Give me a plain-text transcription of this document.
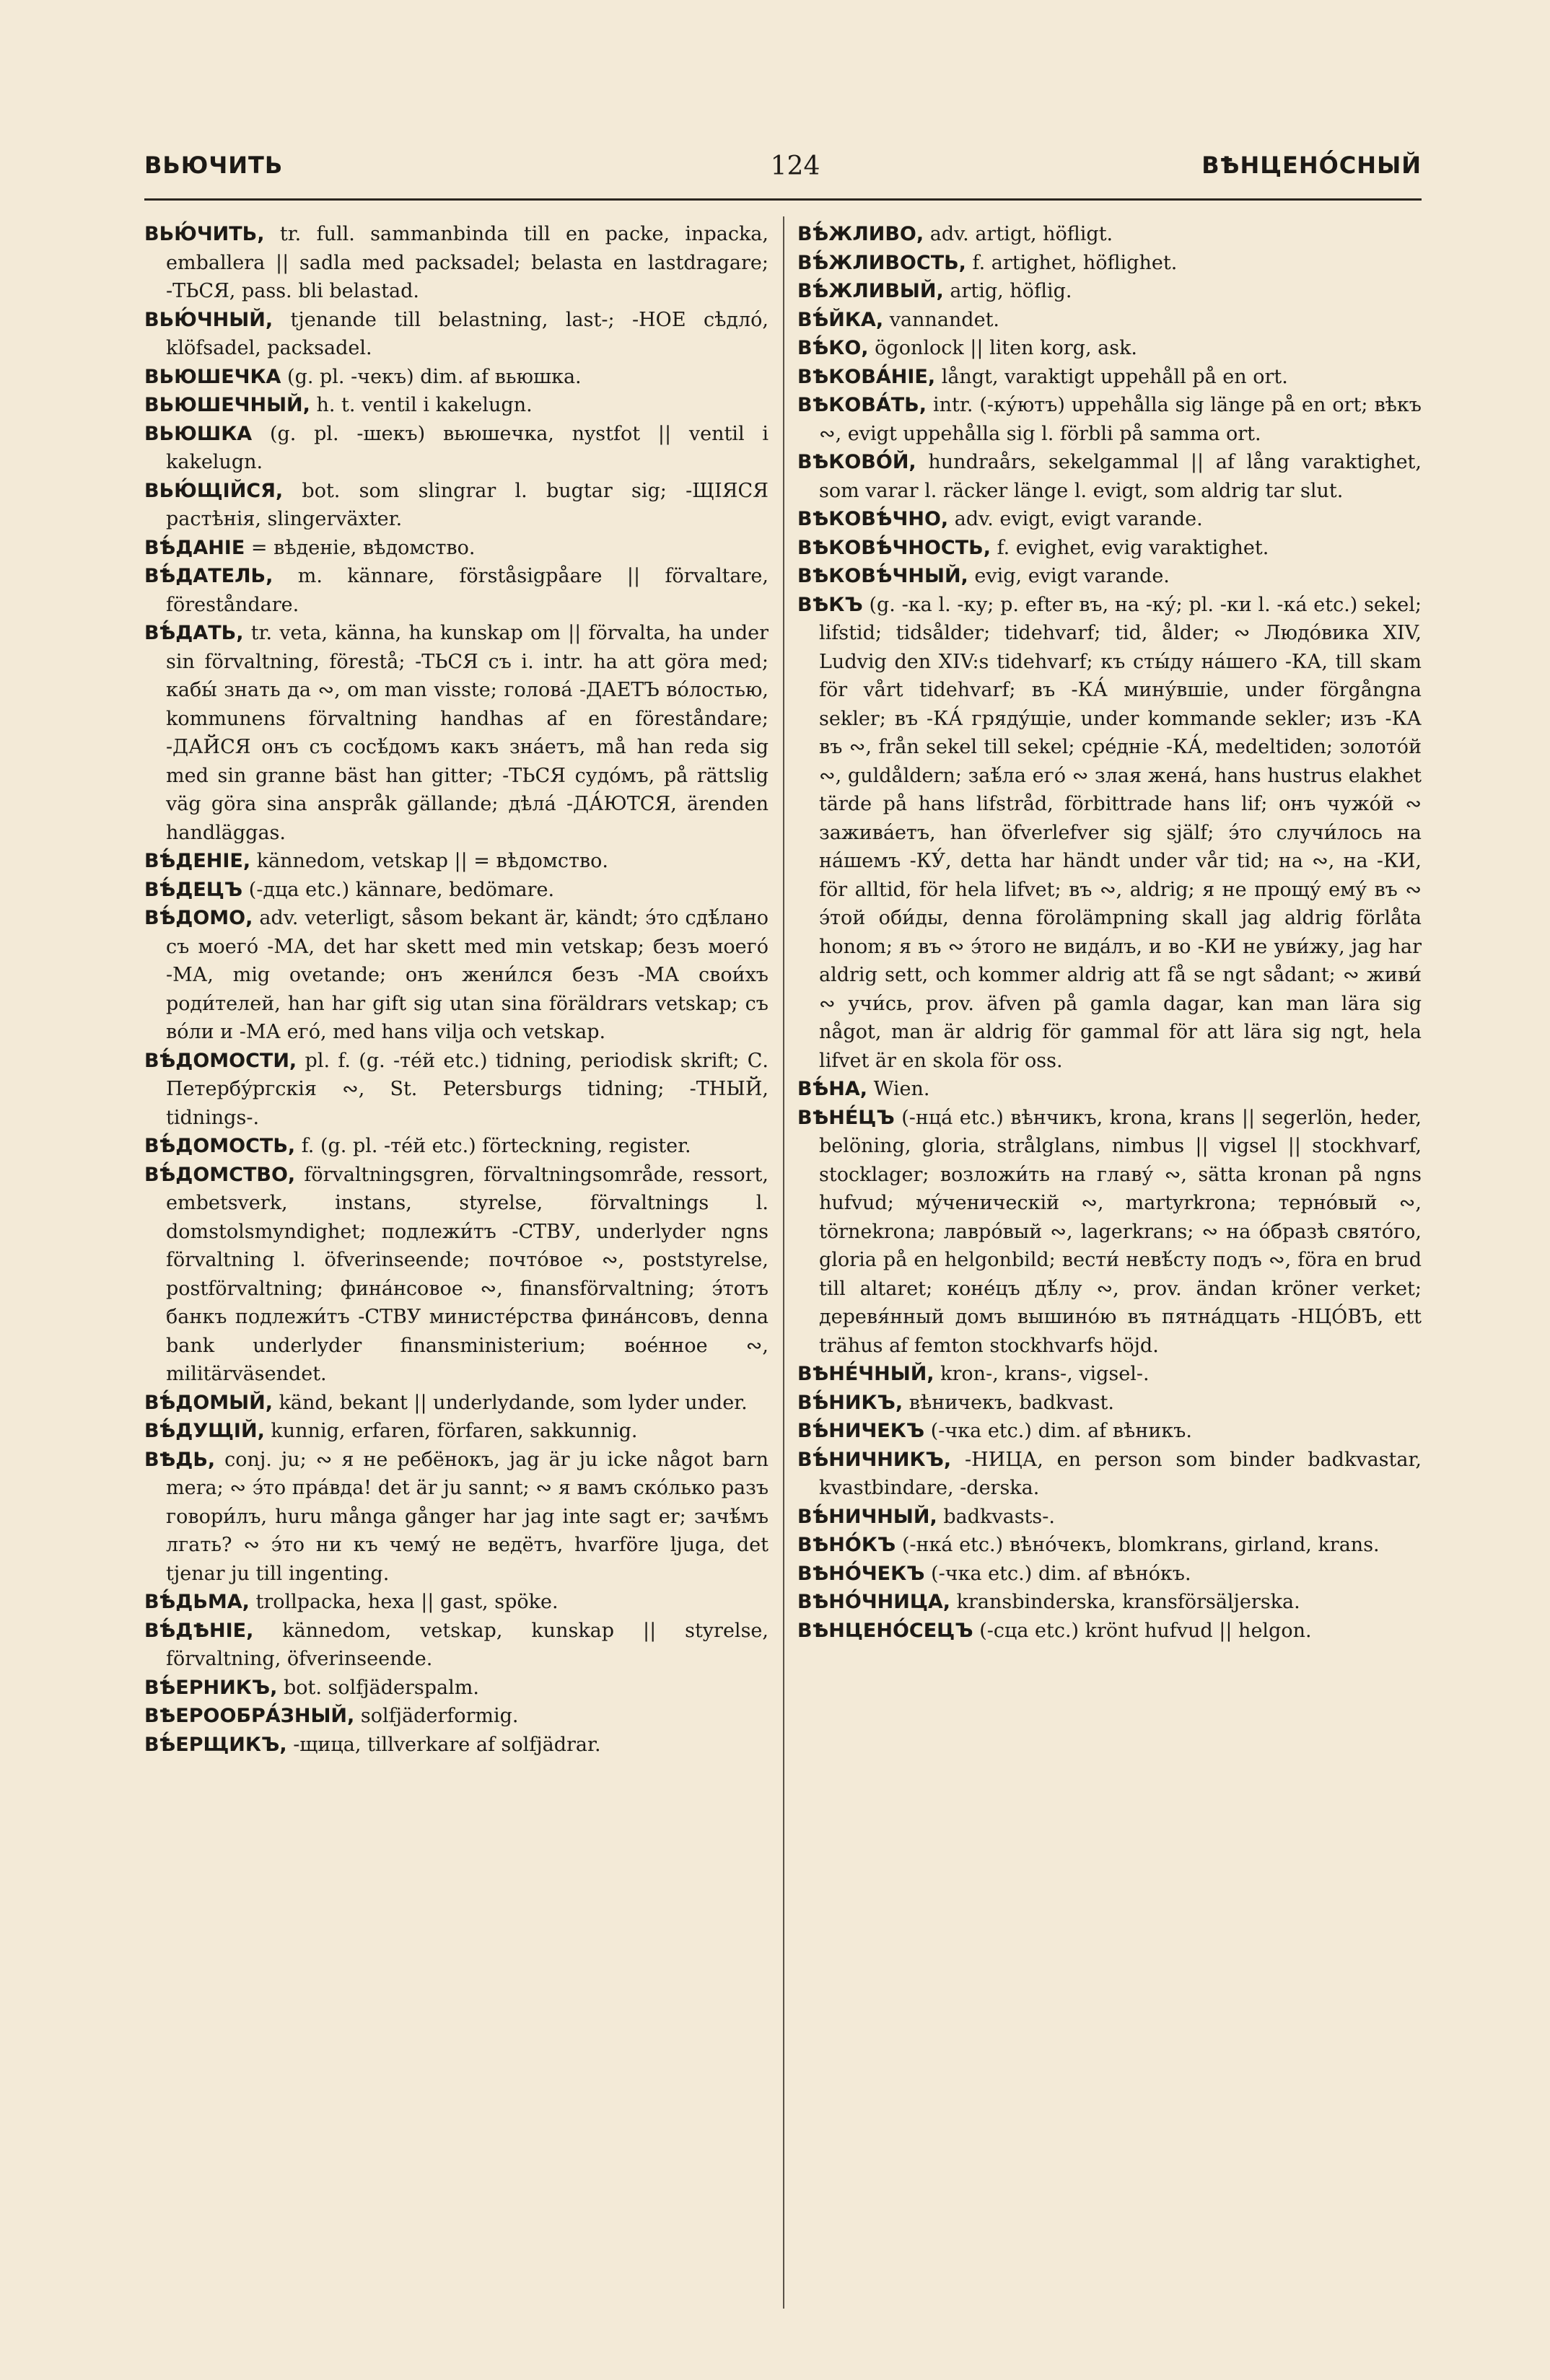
ВЬЮЧИТЬ	124	ВѢНЦЕНО́СНЫЙ

ВЬЮ́ЧИТЬ, tr. full. sammanbinda till en packe, inpacka, emballera || sadla med packsadel; belasta en lastdragare; -ТЬСЯ, pass. bli belastad.

ВЬЮ́ЧНЫЙ, tjenande till belastning, last-; -НОЕ сѣдло́, klöfsadel, packsadel.

ВЬЮШЕЧКА (g. pl. -чекъ) dim. af вьюшка.

ВЬЮШЕЧНЫЙ, h. t. ventil i kakelugn.

ВЬЮШКА (g. pl. -шекъ) вьюшечка, nystfot || ventil i kakelugn.

ВЬЮ́ЩІЙСЯ, bot. som slingrar l. bugtar sig; -ЩІЯСЯ растѣнія, slingerväxter.

ВѢ́ДАНІЕ = вѣденіе, вѣдомство.

ВѢ́ДАТЕЛЬ, m. kännare, förståsigpåare || förvaltare, föreståndare.

ВѢ́ДАТЬ, tr. veta, känna, ha kunskap om || förvalta, ha under sin förvaltning, förestå; -ТЬСЯ съ i. intr. ha att göra med; кабы́ знать да ∾, om man visste; голова́ -ДАЕТЪ во́лостью, kommunens förvaltning handhas af en föreståndare; -ДАЙСЯ онъ съ сосѣ́домъ какъ зна́етъ, må han reda sig med sin granne bäst han gitter; -ТЬСЯ судо́мъ, på rättslig väg göra sina anspråk gällande; дѣла́ -ДА́ЮТСЯ, ärenden handläggas.

ВѢ́ДЕНІЕ, kännedom, vetskap || = вѣдомство.

ВѢ́ДЕЦЪ (-дца etc.) kännare, bedömare.

ВѢ́ДОМО, adv. veterligt, såsom bekant är, kändt; э́то сдѣ́лано съ моего́ -МА, det har skett med min vetskap; безъ моего́ -МА, mig ovetande; онъ жени́лся безъ -МА свои́хъ роди́телей, han har gift sig utan sina föräldrars vetskap; съ во́ли и -МА его́, med hans vilja och vetskap.

ВѢ́ДОМОСТИ, pl. f. (g. -те́й etc.) tidning, periodisk skrift; С. Петербу́ргскія ∾, St. Petersburgs tidning; -ТНЫЙ, tidnings-.

ВѢ́ДОМОСТЬ, f. (g. pl. -те́й etc.) förteckning, register.

ВѢ́ДОМСТВО, förvaltningsgren, förvaltningsområde, ressort, embetsverk, instans, styrelse, förvaltnings l. domstolsmyndighet; подлежи́тъ -СТВУ, underlyder ngns förvaltning l. öfverinseende; почто́вое ∾, poststyrelse, postförvaltning; фина́нсовое ∾, finansförvaltning; э́тотъ банкъ подлежи́тъ -СТВУ министе́рства фина́нсовъ, denna bank underlyder finansministerium; вое́нное ∾, militärväsendet.

ВѢ́ДОМЫЙ, känd, bekant || underlydande, som lyder under.

ВѢ́ДУЩІЙ, kunnig, erfaren, förfaren, sakkunnig.

ВѢДЬ, conj. ju; ∾ я не ребёнокъ, jag är ju icke något barn mera; ∾ э́то пра́вда! det är ju sannt; ∾ я вамъ ско́лько разъ говори́лъ, huru många gånger har jag inte sagt er; зачѣ́мъ лгать? ∾ э́то ни къ чему́ не ведётъ, hvarföre ljuga, det tjenar ju till ingenting.

ВѢ́ДЬМА, trollpacka, hexa || gast, spöke.

ВѢ́ДѢНІЕ, kännedom, vetskap, kunskap || styrelse, förvaltning, öfverinseende.

ВѢ́ЕРНИКЪ, bot. solfjäderspalm.

ВѢЕРООБРА́ЗНЫЙ, solfjäderformig.

ВѢ́ЕРЩИКЪ, -щица, tillverkare af solfjädrar.

ВѢ́ЖЛИВО, adv. artigt, höfligt.

ВѢ́ЖЛИВОСТЬ, f. artighet, höflighet.

ВѢ́ЖЛИВЫЙ, artig, höflig.

ВѢ́ЙКА, vannandet.

ВѢ́КО, ögonlock || liten korg, ask.

ВѢКОВА́НІЕ, långt, varaktigt uppehåll på en ort.

ВѢКОВА́ТЬ, intr. (-ку́ютъ) uppehålla sig länge på en ort; вѣкъ ∾, evigt uppehålla sig l. förbli på samma ort.

ВѢКОВО́Й, hundraårs, sekelgammal || af lång varaktighet, som varar l. räcker länge l. evigt, som aldrig tar slut.

ВѢКОВѢ́ЧНО, adv. evigt, evigt varande.

ВѢКОВѢ́ЧНОСТЬ, f. evighet, evig varaktighet.

ВѢКОВѢ́ЧНЫЙ, evig, evigt varande.

ВѢКЪ (g. -ка l. -ку; p. efter въ, на -ку́; pl. -ки l. -ка́ etc.) sekel; lifstid; tidsålder; tidehvarf; tid, ålder; ∾ Людо́вика XIV, Ludvig den XIV:s tidehvarf; къ сты́ду на́шего -КА, till skam för vårt tidehvarf; въ -КА́ мину́вшіе, under förgångna sekler; въ -КА́ гряду́щіе, under kommande sekler; изъ -КА въ ∾, från sekel till sekel; сре́дніе -КА́, medeltiden; золото́й ∾, guldåldern; заѣ́ла его́ ∾ злая жена́, hans hustrus elakhet tärde på hans lifstråd, förbittrade hans lif; онъ чужо́й ∾ зажива́етъ, han öfverlefver sig själf; э́то случи́лось на на́шемъ -КУ́, detta har händt under vår tid; на ∾, на -КИ, för alltid, för hela lifvet; въ ∾, aldrig; я не прощу́ ему́ въ ∾ э́той оби́ды, denna förolämpning skall jag aldrig förlåta honom; я въ ∾ э́того не вида́лъ, и во -КИ не уви́жу, jag har aldrig sett, och kommer aldrig att få se ngt sådant; ∾ живи́ ∾ учи́сь, prov. äfven på gamla dagar, kan man lära sig något, man är aldrig för gammal för att lära sig ngt, hela lifvet är en skola för oss.

ВѢ́НА, Wien.

ВѢНЕ́ЦЪ (-нца́ etc.) вѣнчикъ, krona, krans || segerlön, heder, belöning, gloria, strålglans, nimbus || vigsel || stockhvarf, stocklager; возложи́ть на главу́ ∾, sätta kronan på ngns hufvud; му́ченическій ∾, martyrkrona; терно́вый ∾, törnekrona; лавро́вый ∾, lagerkrans; ∾ на о́бразѣ свято́го, gloria på en helgonbild; вести́ невѣ́сту подъ ∾, föra en brud till altaret; коне́цъ дѣ́лу ∾, prov. ändan kröner verket; деревя́нный домъ вышино́ю въ пятна́дцать -НЦО́ВЪ, ett trähus af femton stockhvarfs höjd.

ВѢНЕ́ЧНЫЙ, kron-, krans-, vigsel-.

ВѢ́НИКЪ, вѣничекъ, badkvast.

ВѢ́НИЧЕКЪ (-чка etc.) dim. af вѣникъ.

ВѢ́НИЧНИКЪ, -НИЦА, en person som binder badkvastar, kvastbindare, -derska.

ВѢ́НИЧНЫЙ, badkvasts-.

ВѢНО́КЪ (-нка́ etc.) вѣно́чекъ, blomkrans, girland, krans.

ВѢНО́ЧЕКЪ (-чка etc.) dim. af вѣно́къ.

ВѢНО́ЧНИЦА, kransbinderska, kransförsäljerska.

ВѢНЦЕНО́СЕЦЪ (-сца etc.) krönt hufvud || helgon.
